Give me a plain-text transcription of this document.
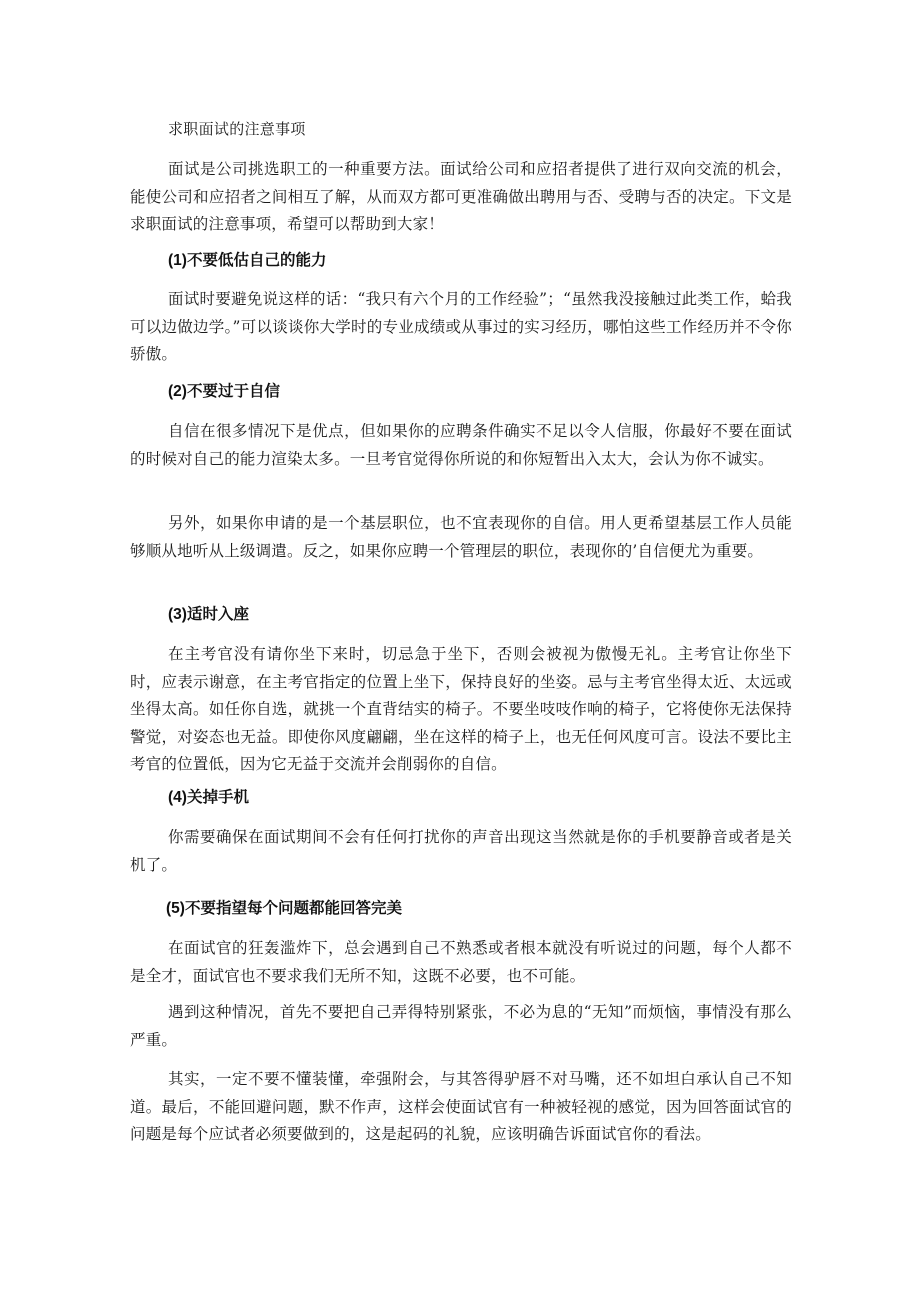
求职面试的注意事项

面试是公司挑选职工的一种重要方法。面试给公司和应招者提供了进行双向交流的机会，能使公司和应招者之间相互了解，从而双方都可更准确做出聘用与否、受聘与否的决定。下文是求职面试的注意事项，希望可以帮助到大家！

(1)不要低估自己的能力

面试时要避免说这样的话：“我只有六个月的工作经验”；“虽然我没接触过此类工作，蛤我可以边做边学。”可以谈谈你大学时的专业成绩或从事过的实习经历，哪怕这些工作经历并不令你骄傲。

(2)不要过于自信

自信在很多情况下是优点，但如果你的应聘条件确实不足以令人信服，你最好不要在面试的时候对自己的能力渲染太多。一旦考官觉得你所说的和你短暂出入太大，会认为你不诚实。

另外，如果你申请的是一个基层职位，也不宜表现你的自信。用人更希望基层工作人员能够顺从地听从上级调遣。反之，如果你应聘一个管理层的职位，表现你的’自信便尤为重要。

(3)适时入座

在主考官没有请你坐下来时，切忌急于坐下，否则会被视为傲慢无礼。主考官让你坐下时，应表示谢意，在主考官指定的位置上坐下，保持良好的坐姿。忌与主考官坐得太近、太远或坐得太高。如任你自选，就挑一个直背结实的椅子。不要坐吱吱作响的椅子，它将使你无法保持警觉，对姿态也无益。即使你风度翩翩，坐在这样的椅子上，也无任何风度可言。设法不要比主考官的位置低，因为它无益于交流并会削弱你的自信。

(4)关掉手机

你需要确保在面试期间不会有任何打扰你的声音出现这当然就是你的手机要静音或者是关机了。

(5)不要指望每个问题都能回答完美

在面试官的狂轰滥炸下，总会遇到自己不熟悉或者根本就没有听说过的问题，每个人都不是全才，面试官也不要求我们无所不知，这既不必要，也不可能。

遇到这种情况，首先不要把自己弄得特别紧张，不必为息的“无知”而烦恼，事情没有那么严重。

其实，一定不要不懂装懂，牵强附会，与其答得驴唇不对马嘴，还不如坦白承认自己不知道。最后，不能回避问题，默不作声，这样会使面试官有一种被轻视的感觉，因为回答面试官的问题是每个应试者必须要做到的，这是起码的礼貌，应该明确告诉面试官你的看法。
